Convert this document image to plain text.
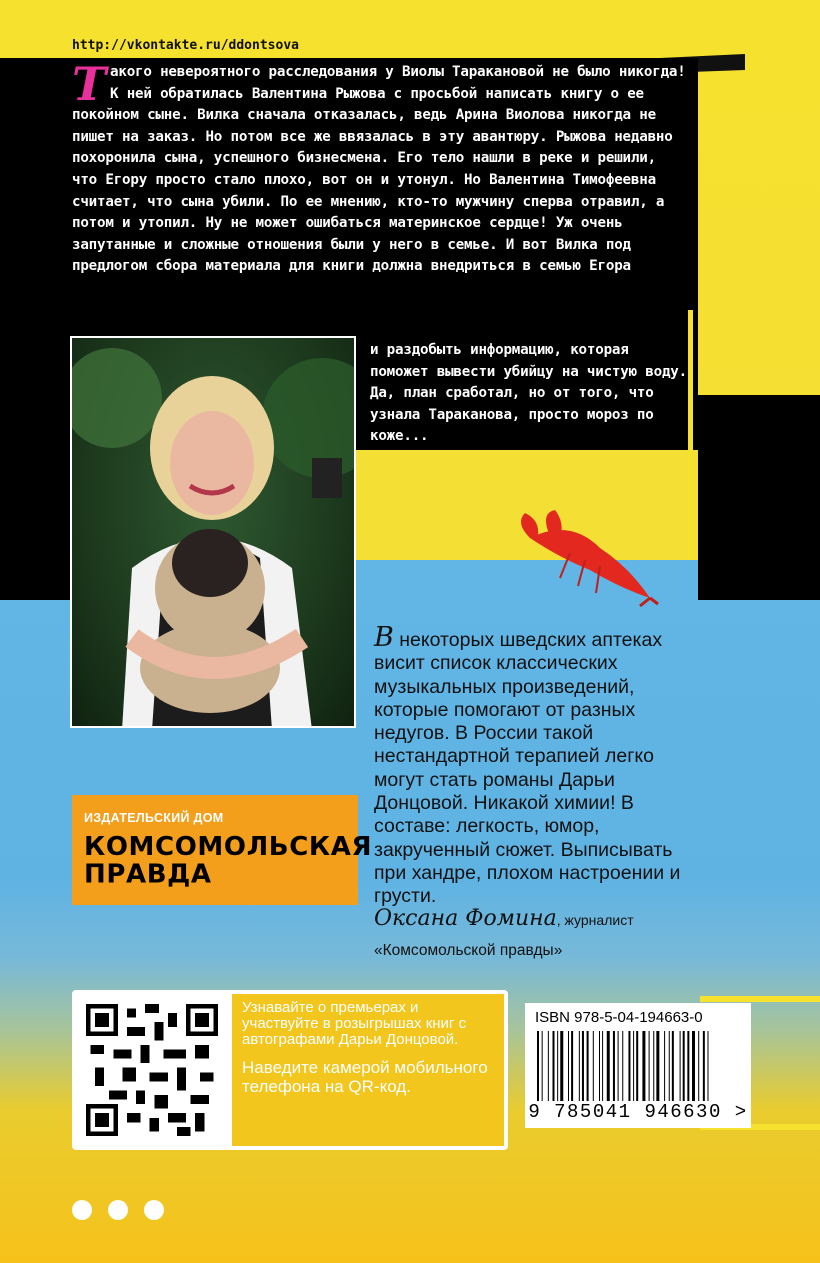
http://vkontakte.ru/ddontsova
Такого невероятного расследования у Виолы Таракановой не было никогда! К ней обратилась Валентина Рыжова с просьбой написать книгу о ее покойном сыне. Вилка сначала отказалась, ведь Арина Виолова никогда не пишет на заказ. Но потом все же ввязалась в эту авантюру. Рыжова недавно похоронила сына, успешного бизнесмена. Его тело нашли в реке и решили, что Егору просто стало плохо, вот он и утонул. Но Валентина Тимофеевна считает, что сына убили. По ее мнению, кто-то мужчину сперва отравил, а потом и утопил. Ну не может ошибаться материнское сердце! Уж очень запутанные и сложные отношения были у него в семье. И вот Вилка под предлогом сбора материала для книги должна внедриться в семью Егора
и раздобыть информацию, которая поможет вывести убийцу на чистую воду. Да, план сработал, но от того, что узнала Тараканова, просто мороз по коже...
В некоторых шведских аптеках висит список классических музыкальных произведений, которые помогают от разных недугов. В России такой нестандартной терапией легко могут стать романы Дарьи Донцовой. Никакой химии! В составе: легкость, юмор, закрученный сюжет. Выписывать при хандре, плохом настроении и грусти.
Оксана Фомина, журналист
«Комсомольской правды»
ИЗДАТЕЛЬСКИЙ ДОМ
КОМСОМОЛЬСКАЯ
ПРАВДА
Узнавайте о премьерах и участвуйте в розыгрышах книг с автографами Дарьи Донцовой.
Наведите камерой мобильного телефона на QR-код.
ISBN 978-5-04-194663-0
9 785041 946630 >
